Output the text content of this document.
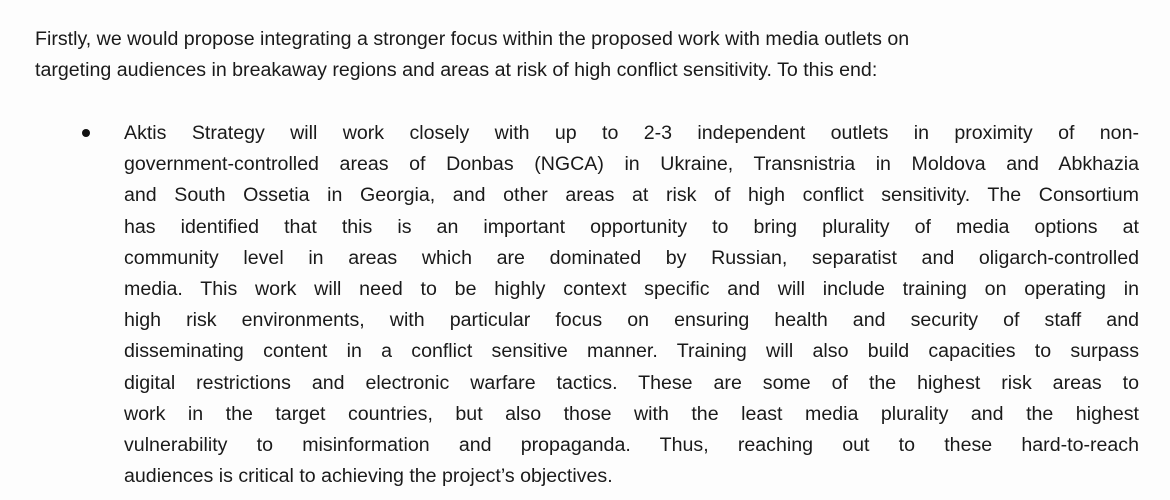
Firstly, we would propose integrating a stronger focus within the proposed work with media outlets on
targeting audiences in breakaway regions and areas at risk of high conflict sensitivity. To this end:
Aktis Strategy will work closely with up to 2-3 independent outlets in proximity of non-
government-controlled areas of Donbas (NGCA) in Ukraine, Transnistria in Moldova and Abkhazia
and South Ossetia in Georgia, and other areas at risk of high conflict sensitivity. The Consortium
has identified that this is an important opportunity to bring plurality of media options at
community level in areas which are dominated by Russian, separatist and oligarch-controlled
media. This work will need to be highly context specific and will include training on operating in
high risk environments, with particular focus on ensuring health and security of staff and
disseminating content in a conflict sensitive manner. Training will also build capacities to surpass
digital restrictions and electronic warfare tactics. These are some of the highest risk areas to
work in the target countries, but also those with the least media plurality and the highest
vulnerability to misinformation and propaganda. Thus, reaching out to these hard-to-reach
audiences is critical to achieving the project’s objectives.
